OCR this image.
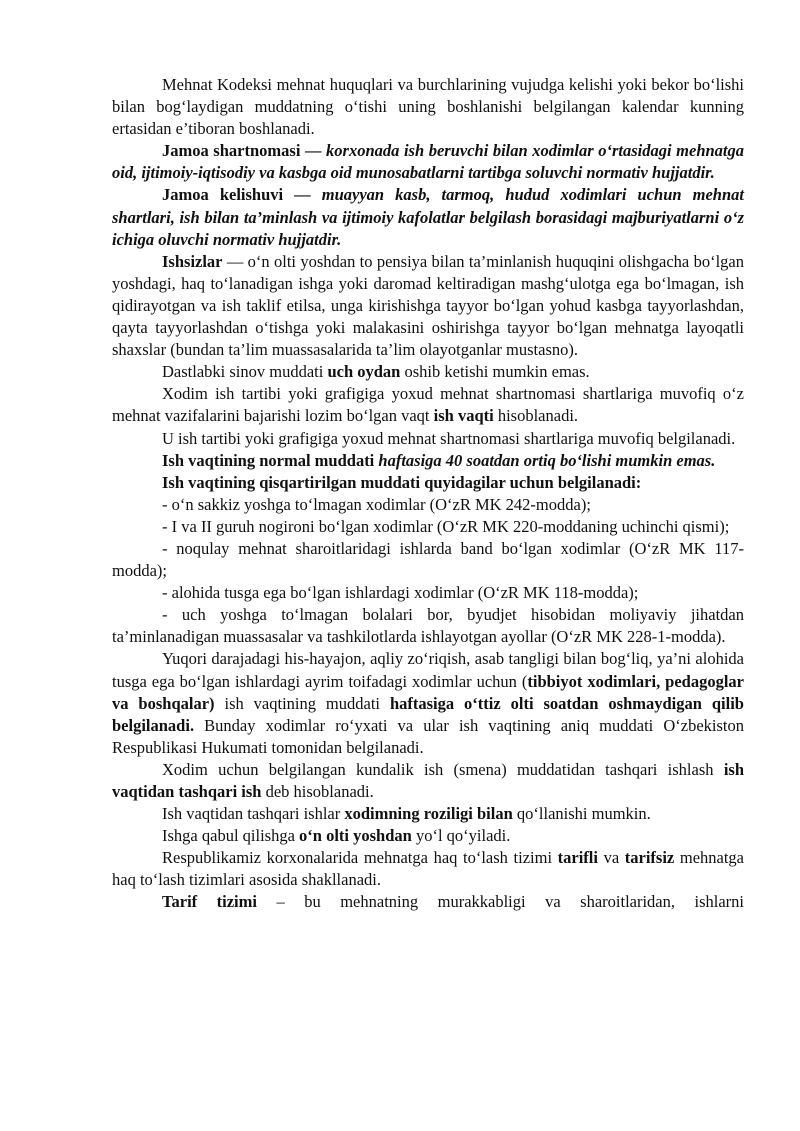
Mehnat Kodeksi mehnat huquqlari va burchlarining vujudga kelishi yoki bekor bo‘lishi bilan bog‘laydigan muddatning o‘tishi uning boshlanishi belgilangan kalendar kunning ertasidan e’tiboran boshlanadi.

Jamoa shartnomasi — korxonada ish beruvchi bilan xodimlar o‘rtasidagi mehnatga oid, ijtimoiy-iqtisodiy va kasbga oid munosabatlarni tartibga soluvchi normativ hujjatdir.

Jamoa kelishuvi — muayyan kasb, tarmoq, hudud xodimlari uchun mehnat shartlari, ish bilan ta’minlash va ijtimoiy kafolatlar belgilash borasidagi majburiyatlarni o‘z ichiga oluvchi normativ hujjatdir.

Ishsizlar — o‘n olti yoshdan to pensiya bilan ta’minlanish huquqini olishgacha bo‘lgan yoshdagi, haq to‘lanadigan ishga yoki daromad keltiradigan mashg‘ulotga ega bo‘lmagan, ish qidirayotgan va ish taklif etilsa, unga kirishishga tayyor bo‘lgan yohud kasbga tayyorlashdan, qayta tayyorlashdan o‘tishga yoki malakasini oshirishga tayyor bo‘lgan mehnatga layoqatli shaxslar (bundan ta’lim muassasalarida ta’lim olayotganlar mustasno).

Dastlabki sinov muddati uch oydan oshib ketishi mumkin emas.

Xodim ish tartibi yoki grafigiga yoxud mehnat shartnomasi shartlariga muvofiq o‘z mehnat vazifalarini bajarishi lozim bo‘lgan vaqt ish vaqti hisoblanadi.

U ish tartibi yoki grafigiga yoxud mehnat shartnomasi shartlariga muvofiq belgilanadi.

Ish vaqtining normal muddati haftasiga 40 soatdan ortiq bo‘lishi mumkin emas.

Ish vaqtining qisqartirilgan muddati quyidagilar uchun belgilanadi:

- o‘n sakkiz yoshga to‘lmagan xodimlar (O‘zR MK 242-modda);

- I va II guruh nogironi bo‘lgan xodimlar (O‘zR MK 220-moddaning uchinchi qismi);

- noqulay mehnat sharoitlaridagi ishlarda band bo‘lgan xodimlar (O‘zR MK 117-modda);

- alohida tusga ega bo‘lgan ishlardagi xodimlar (O‘zR MK 118-modda);

- uch yoshga to‘lmagan bolalari bor, byudjet hisobidan moliyaviy jihatdan ta’minlanadigan muassasalar va tashkilotlarda ishlayotgan ayollar (O‘zR MK 228-1-modda).

Yuqori darajadagi his-hayajon, aqliy zo‘riqish, asab tangligi bilan bog‘liq, ya’ni alohida tusga ega bo‘lgan ishlardagi ayrim toifadagi xodimlar uchun (tibbiyot xodimlari, pedagoglar va boshqalar) ish vaqtining muddati haftasiga o‘ttiz olti soatdan oshmaydigan qilib belgilanadi. Bunday xodimlar ro‘yxati va ular ish vaqtining aniq muddati O‘zbekiston Respublikasi Hukumati tomonidan belgilanadi.

Xodim uchun belgilangan kundalik ish (smena) muddatidan tashqari ishlash ish vaqtidan tashqari ish deb hisoblanadi.

Ish vaqtidan tashqari ishlar xodimning roziligi bilan qo‘llanishi mumkin.

Ishga qabul qilishga o‘n olti yoshdan yo‘l qo‘yiladi.

Respublikamiz korxonalarida mehnatga haq to‘lash tizimi tarifli va tarifsiz mehnatga haq to‘lash tizimlari asosida shakllanadi.

Tarif tizimi – bu mehnatning murakkabligi va sharoitlaridan, ishlarni
